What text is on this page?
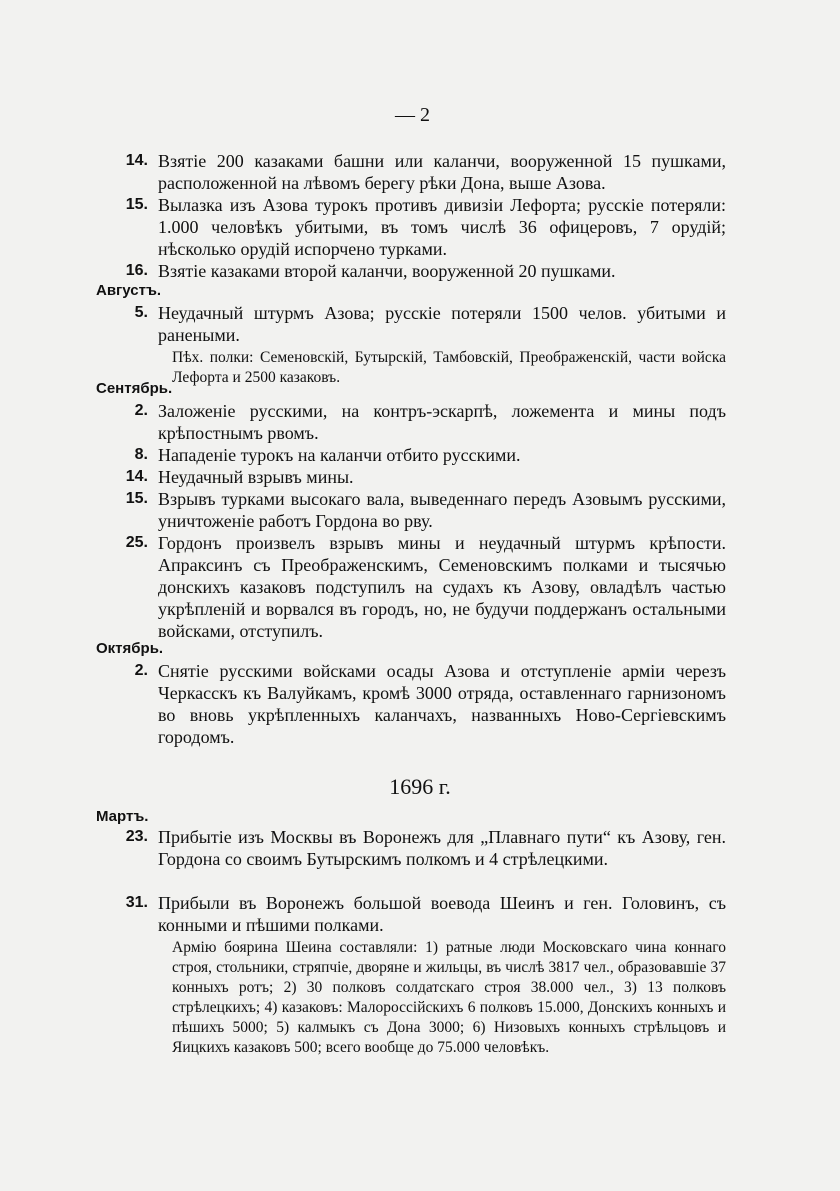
— 2
14. Взятіе 200 казаками башни или каланчи, вооруженной 15 пушками, расположенной на лѣвомъ берегу рѣки Дона, выше Азова.
15. Вылазка изъ Азова турокъ противъ дивизіи Лефорта; русскіе потеряли: 1.000 человѣкъ убитыми, въ томъ числѣ 36 офицеровъ, 7 орудій; нѣсколько орудій испорчено турками.
16. Взятіе казаками второй каланчи, вооруженной 20 пушками.
Августъ.
5. Неудачный штурмъ Азова; русскіе потеряли 1500 челов. убитыми и ранеными.
Пѣх. полки: Семеновскій, Бутырскій, Тамбовскій, Преображенскій, части войска Лефорта и 2500 казаковъ.
Сентябрь.
2. Заложеніе русскими, на контръ-эскарпѣ, ложемента и мины подъ крѣпостнымъ рвомъ.
8. Нападеніе турокъ на каланчи отбито русскими.
14. Неудачный взрывъ мины.
15. Взрывъ турками высокаго вала, выведеннаго передъ Азовымъ русскими, уничтоженіе работъ Гордона во рву.
25. Гордонъ произвелъ взрывъ мины и неудачный штурмъ крѣпости. Апраксинъ съ Преображенскимъ, Семеновскимъ полками и тысячью донскихъ казаковъ подступилъ на судахъ къ Азову, овладѣлъ частью укрѣпленій и ворвался въ городъ, но, не будучи поддержанъ остальными войсками, отступилъ.
Октябрь.
2. Снятіе русскими войсками осады Азова и отступленіе арміи черезъ Черкасскъ къ Валуйкамъ, кромѣ 3000 отряда, оставленнаго гарнизономъ во вновь укрѣпленныхъ каланчахъ, названныхъ Ново-Сергіевскимъ городомъ.
1696 г.
Мартъ.
23. Прибытіе изъ Москвы въ Воронежъ для „Плавнаго пути“ къ Азову, ген. Гордона со своимъ Бутырскимъ полкомъ и 4 стрѣлецкими.
31. Прибыли въ Воронежъ большой воевода Шеинъ и ген. Головинъ, съ конными и пѣшими полками.
Армію боярина Шеина составляли: 1) ратные люди Московскаго чина коннаго строя, стольники, стряпчіе, дворяне и жильцы, въ числѣ 3817 чел., образовавшіе 37 конныхъ ротъ; 2) 30 полковъ солдатскаго строя 38.000 чел., 3) 13 полковъ стрѣлецкихъ; 4) казаковъ: Малороссійскихъ 6 полковъ 15.000, Донскихъ конныхъ и пѣшихъ 5000; 5) калмыкъ съ Дона 3000; 6) Низовыхъ конныхъ стрѣльцовъ и Яицкихъ казаковъ 500; всего вообще до 75.000 человѣкъ.
